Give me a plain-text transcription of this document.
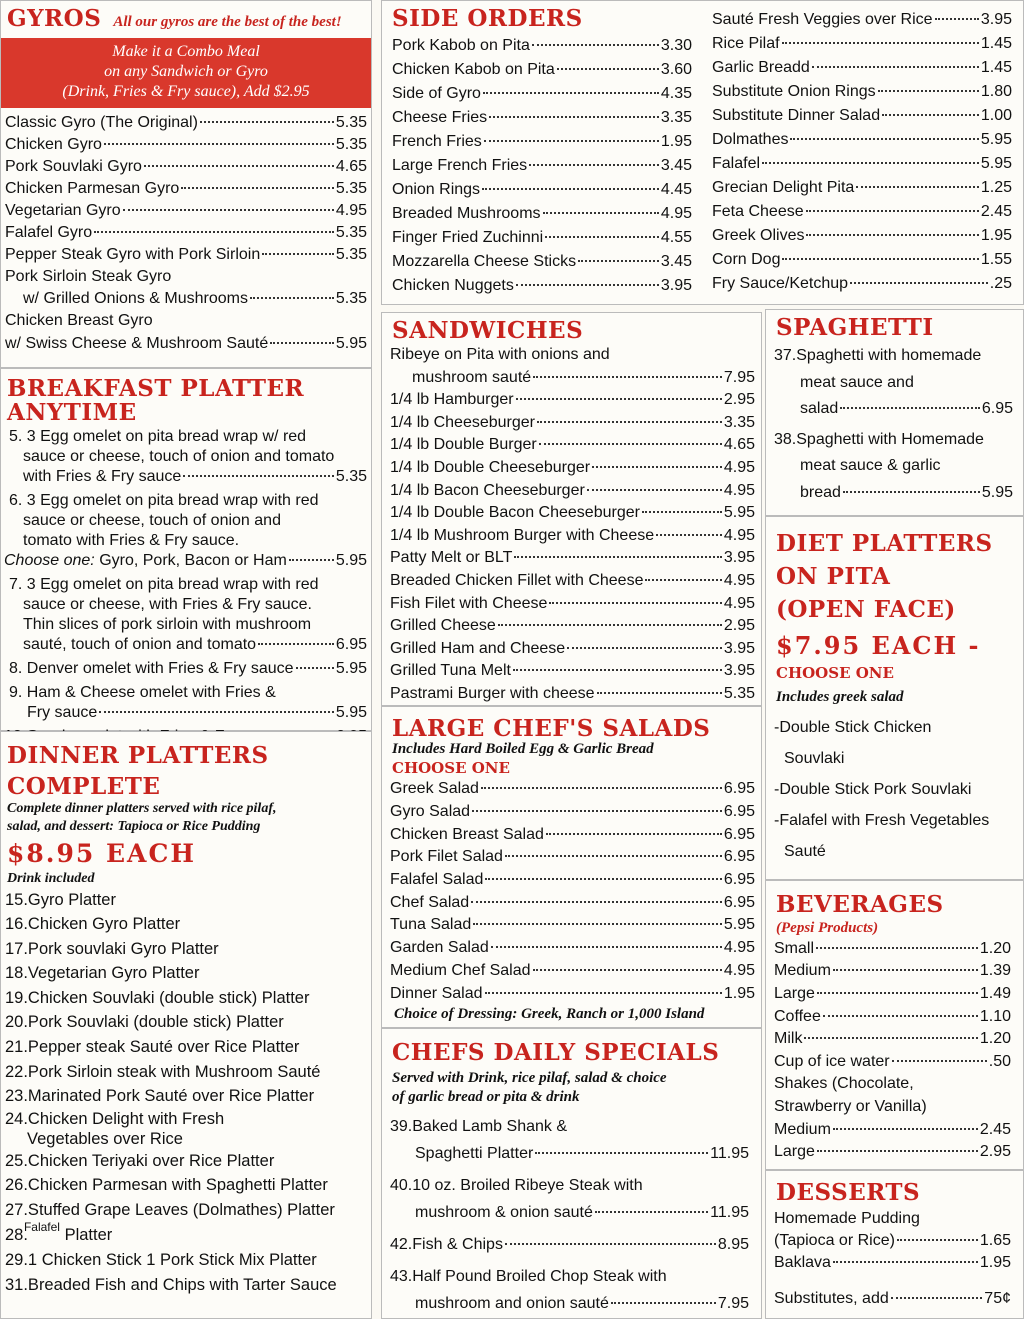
GYROS All our gyros are the best of the best!
Make it a Combo Meal
on any Sandwich or Gyro
(Drink, Fries & Fry sauce), Add $2.95
Classic Gyro (The Original)	5.35
Chicken Gyro	5.35
Pork Souvlaki Gyro	4.65
Chicken Parmesan Gyro	5.35
Vegetarian Gyro	4.95
Falafel Gyro	5.35
Pepper Steak Gyro with Pork Sirloin	5.35
Pork Sirloin Steak Gyro
w/ Grilled Onions & Mushrooms	5.35
Chicken Breast Gyro
w/ Swiss Cheese & Mushroom Sauté	5.95
BREAKFAST PLATTER ANYTIME
5. 3 Egg omelet on pita bread wrap w/ red
sauce or cheese, touch of onion and tomato
with Fries & Fry sauce	5.35
6. 3 Egg omelet on pita bread wrap with red
sauce or cheese, touch of onion and
tomato with Fries & Fry sauce.
Choose one: Gyro, Pork, Bacon or Ham	5.95
7. 3 Egg omelet on pita bread wrap with red
sauce or cheese, with Fries & Fry sauce.
Thin slices of pork sirloin with mushroom
sauté, touch of onion and tomato	6.95
8. Denver omelet with Fries & Fry sauce	5.95
9. Ham & Cheese omelet with Fries &
Fry sauce	5.95
DINNER PLATTERS
COMPLETE
Complete dinner platters served with rice pilaf,
salad, and dessert: Tapioca or Rice Pudding
$8.95 EACH
Drink included
15.Gyro Platter
16.Chicken Gyro Platter
17.Pork souvlaki Gyro Platter
18.Vegetarian Gyro Platter
19.Chicken Souvlaki (double stick) Platter
20.Pork Souvlaki (double stick) Platter
21.Pepper steak Sauté over Rice Platter
22.Pork Sirloin steak with Mushroom Sauté
23.Marinated Pork Sauté over Rice Platter
24.Chicken Delight with Fresh
Vegetables over Rice
25.Chicken Teriyaki over Rice Platter
26.Chicken Parmesan with Spaghetti Platter
27.Stuffed Grape Leaves (Dolmathes) Platter
28.$^{Falafel}$ Platter
29.1 Chicken Stick 1 Pork Stick Mix Platter
31.Breaded Fish and Chips with Tarter Sauce
SIDE ORDERS
Pork Kabob on Pita	3.30
Chicken Kabob on Pita	3.60
Side of Gyro	4.35
Cheese Fries	3.35
French Fries	1.95
Large French Fries	3.45
Onion Rings	4.45
Breaded Mushrooms	4.95
Finger Fried Zuchinni	4.55
Mozzarella Cheese Sticks	3.45
Chicken Nuggets	3.95
Sauté Fresh Veggies over Rice	3.95
Rice Pilaf	1.45
Garlic Breadd	1.45
Substitute Onion Rings	1.80
Substitute Dinner Salad	1.00
Dolmathes	5.95
Falafel	5.95
Grecian Delight Pita	1.25
Feta Cheese	2.45
Greek Olives	1.95
Corn Dog	1.55
Fry Sauce/Ketchup	.25
SANDWICHES
Ribeye on Pita with onions and
mushroom sauté	7.95
1/4 lb Hamburger	2.95
1/4 lb Cheeseburger	3.35
1/4 lb Double Burger	4.65
1/4 lb Double Cheeseburger	4.95
1/4 lb Bacon Cheeseburger	4.95
1/4 lb Double Bacon Cheeseburger	5.95
1/4 lb Mushroom Burger with Cheese	4.95
Patty Melt or BLT	3.95
Breaded Chicken Fillet with Cheese	4.95
Fish Filet with Cheese	4.95
Grilled Cheese	2.95
Grilled Ham and Cheese	3.95
Grilled Tuna Melt	3.95
Pastrami Burger with cheese	5.35
LARGE CHEF'S SALADS
Includes Hard Boiled Egg & Garlic Bread
CHOOSE ONE
Greek Salad	6.95
Gyro Salad	6.95
Chicken Breast Salad	6.95
Pork Filet Salad	6.95
Falafel Salad	6.95
Chef Salad	6.95
Tuna Salad	5.95
Garden Salad	4.95
Medium Chef Salad	4.95
Dinner Salad	1.95
Choice of Dressing: Greek, Ranch or 1,000 Island
CHEFS DAILY SPECIALS
Served with Drink, rice pilaf, salad & choice
of garlic bread or pita & drink
39.Baked Lamb Shank &
Spaghetti Platter	11.95
40.10 oz. Broiled Ribeye Steak with
mushroom & onion sauté	11.95
42.Fish & Chips	8.95
43.Half Pound Broiled Chop Steak with
mushroom and onion sauté	7.95
SPAGHETTI
37.Spaghetti with homemade
meat sauce and
salad	6.95
38.Spaghetti with Homemade
meat sauce & garlic
bread	5.95
DIET PLATTERS
ON PITA
(OPEN FACE)
$7.95 EACH -
CHOOSE ONE
Includes greek salad
-Double Stick Chicken
Souvlaki
-Double Stick Pork Souvlaki
-Falafel with Fresh Vegetables
Sauté
BEVERAGES
(Pepsi Products)
Small	1.20
Medium	1.39
Large	1.49
Coffee	1.10
Milk	1.20
Cup of ice water	.50
Shakes (Chocolate,
Strawberry or Vanilla)
Medium	2.45
Large	2.95
DESSERTS
Homemade Pudding
(Tapioca or Rice)	1.65
Baklava	1.95
Substitutes, add	75¢
